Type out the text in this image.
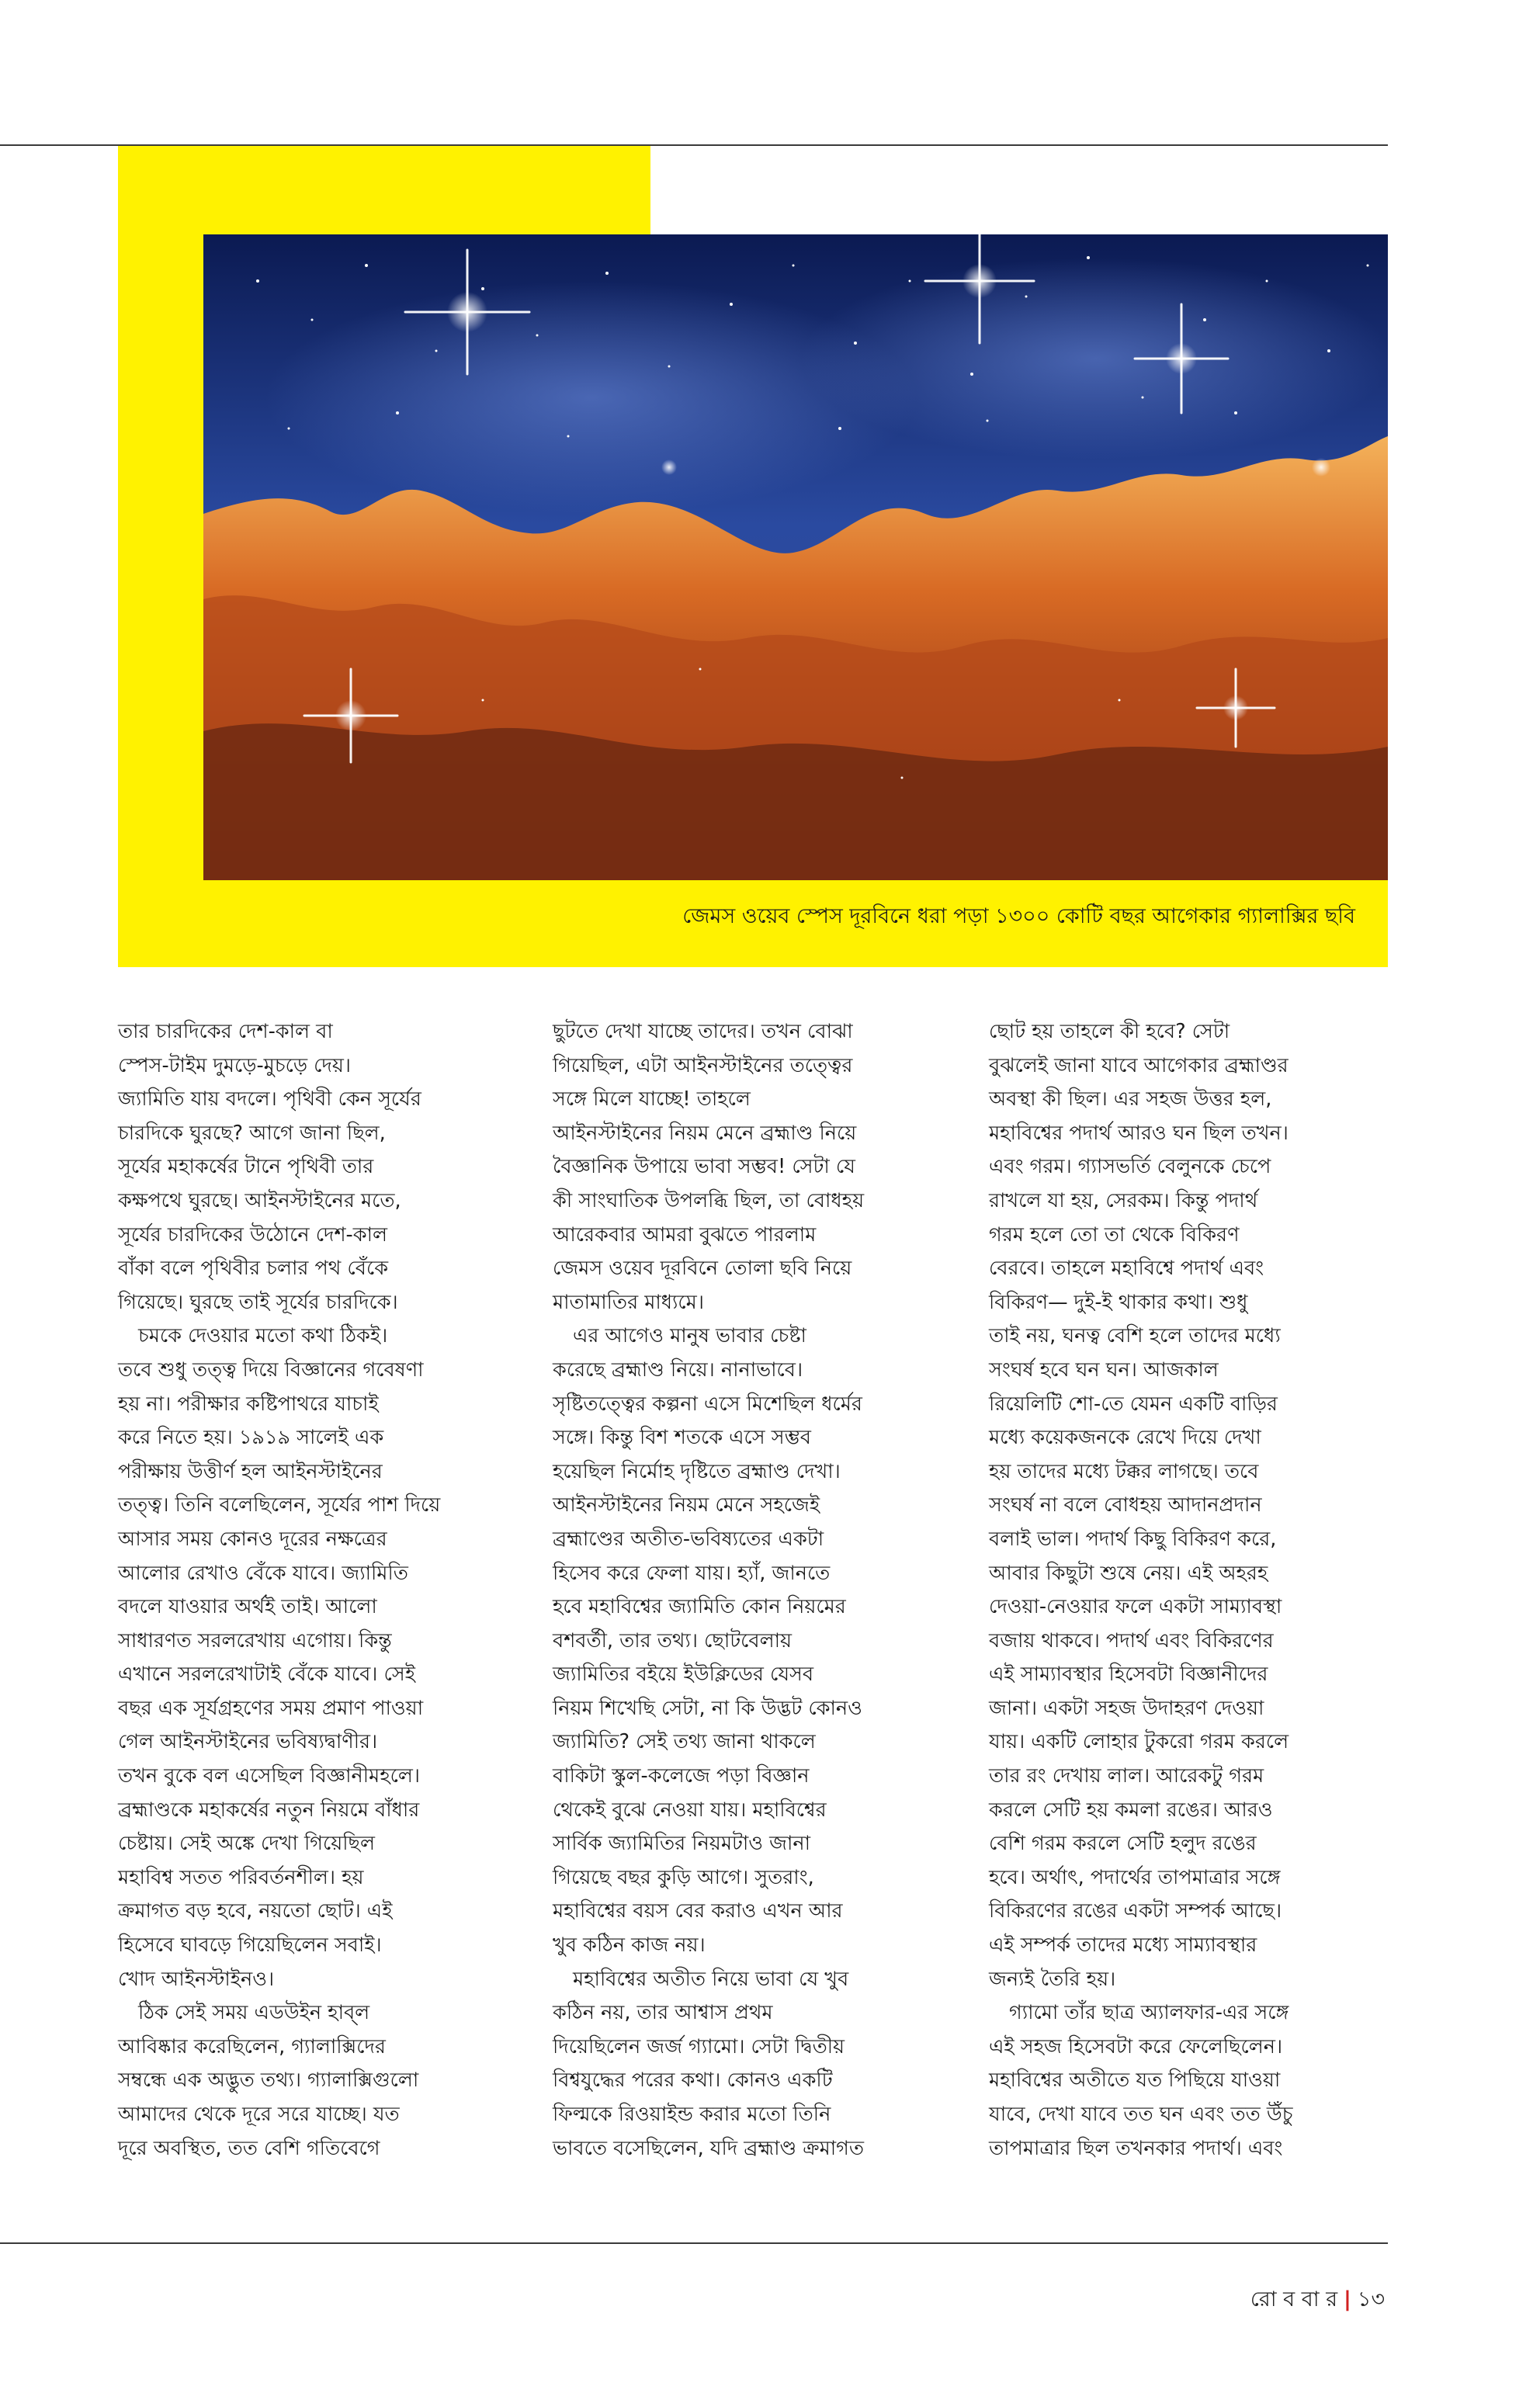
জেমস ওয়েব স্পেস দূরবিনে ধরা পড়া ১৩০০ কোটি বছর আগেকার গ্যালাক্সির ছবি
তার চারদিকের দেশ-কাল বা
স্পেস-টাইম দুমড়ে-মুচড়ে দেয়।
জ্যামিতি যায় বদলে। পৃথিবী কেন সূর্যের
চারদিকে ঘুরছে? আগে জানা ছিল,
সূর্যের মহাকর্ষের টানে পৃথিবী তার
কক্ষপথে ঘুরছে। আইনস্টাইনের মতে,
সূর্যের চারদিকের উঠোনে দেশ-কাল
বাঁকা বলে পৃথিবীর চলার পথ বেঁকে
গিয়েছে। ঘুরছে তাই সূর্যের চারদিকে।
চমকে দেওয়ার মতো কথা ঠিকই।
তবে শুধু তত্ত্ব দিয়ে বিজ্ঞানের গবেষণা
হয় না। পরীক্ষার কষ্টিপাথরে যাচাই
করে নিতে হয়। ১৯১৯ সালেই এক
পরীক্ষায় উত্তীর্ণ হল আইনস্টাইনের
তত্ত্ব। তিনি বলেছিলেন, সূর্যের পাশ দিয়ে
আসার সময় কোনও দূরের নক্ষত্রের
আলোর রেখাও বেঁকে যাবে। জ্যামিতি
বদলে যাওয়ার অর্থই তাই। আলো
সাধারণত সরলরেখায় এগোয়। কিন্তু
এখানে সরলরেখাটাই বেঁকে যাবে। সেই
বছর এক সূর্যগ্রহণের সময় প্রমাণ পাওয়া
গেল আইনস্টাইনের ভবিষ্যদ্বাণীর।
তখন বুকে বল এসেছিল বিজ্ঞানীমহলে।
ব্রহ্মাণ্ডকে মহাকর্ষের নতুন নিয়মে বাঁধার
চেষ্টায়। সেই অঙ্কে দেখা গিয়েছিল
মহাবিশ্ব সতত পরিবর্তনশীল। হয়
ক্রমাগত বড় হবে, নয়তো ছোট। এই
হিসেবে ঘাবড়ে গিয়েছিলেন সবাই।
খোদ আইনস্টাইনও।
ঠিক সেই সময় এডউইন হাব্‌ল
আবিষ্কার করেছিলেন, গ্যালাক্সিদের
সম্বন্ধে এক অদ্ভুত তথ্য। গ্যালাক্সিগুলো
আমাদের থেকে দূরে সরে যাচ্ছে। যত
দূরে অবস্থিত, তত বেশি গতিবেগে
ছুটতে দেখা যাচ্ছে তাদের। তখন বোঝা
গিয়েছিল, এটা আইনস্টাইনের তত্ত্বের
সঙ্গে মিলে যাচ্ছে! তাহলে
আইনস্টাইনের নিয়ম মেনে ব্রহ্মাণ্ড নিয়ে
বৈজ্ঞানিক উপায়ে ভাবা সম্ভব! সেটা যে
কী সাংঘাতিক উপলব্ধি ছিল, তা বোধহয়
আরেকবার আমরা বুঝতে পারলাম
জেমস ওয়েব দূরবিনে তোলা ছবি নিয়ে
মাতামাতির মাধ্যমে।
এর আগেও মানুষ ভাবার চেষ্টা
করেছে ব্রহ্মাণ্ড নিয়ে। নানাভাবে।
সৃষ্টিতত্ত্বের কল্পনা এসে মিশেছিল ধর্মের
সঙ্গে। কিন্তু বিশ শতকে এসে সম্ভব
হয়েছিল নির্মোহ দৃষ্টিতে ব্রহ্মাণ্ড দেখা।
আইনস্টাইনের নিয়ম মেনে সহজেই
ব্রহ্মাণ্ডের অতীত-ভবিষ্যতের একটা
হিসেব করে ফেলা যায়। হ্যাঁ, জানতে
হবে মহাবিশ্বের জ্যামিতি কোন নিয়মের
বশবর্তী, তার তথ্য। ছোটবেলায়
জ্যামিতির বইয়ে ইউক্লিডের যেসব
নিয়ম শিখেছি সেটা, না কি উদ্ভট কোনও
জ্যামিতি? সেই তথ্য জানা থাকলে
বাকিটা স্কুল-কলেজে পড়া বিজ্ঞান
থেকেই বুঝে নেওয়া যায়। মহাবিশ্বের
সার্বিক জ্যামিতির নিয়মটাও জানা
গিয়েছে বছর কুড়ি আগে। সুতরাং,
মহাবিশ্বের বয়স বের করাও এখন আর
খুব কঠিন কাজ নয়।
মহাবিশ্বের অতীত নিয়ে ভাবা যে খুব
কঠিন নয়, তার আশ্বাস প্রথম
দিয়েছিলেন জর্জ গ্যামো। সেটা দ্বিতীয়
বিশ্বযুদ্ধের পরের কথা। কোনও একটি
ফিল্মকে রিওয়াইন্ড করার মতো তিনি
ভাবতে বসেছিলেন, যদি ব্রহ্মাণ্ড ক্রমাগত
ছোট হয় তাহলে কী হবে? সেটা
বুঝলেই জানা যাবে আগেকার ব্রহ্মাণ্ডর
অবস্থা কী ছিল। এর সহজ উত্তর হল,
মহাবিশ্বের পদার্থ আরও ঘন ছিল তখন।
এবং গরম। গ্যাসভর্তি বেলুনকে চেপে
রাখলে যা হয়, সেরকম। কিন্তু পদার্থ
গরম হলে তো তা থেকে বিকিরণ
বেরবে। তাহলে মহাবিশ্বে পদার্থ এবং
বিকিরণ— দুই-ই থাকার কথা। শুধু
তাই নয়, ঘনত্ব বেশি হলে তাদের মধ্যে
সংঘর্ষ হবে ঘন ঘন। আজকাল
রিয়েলিটি শো-তে যেমন একটি বাড়ির
মধ্যে কয়েকজনকে রেখে দিয়ে দেখা
হয় তাদের মধ্যে টক্কর লাগছে। তবে
সংঘর্ষ না বলে বোধহয় আদানপ্রদান
বলাই ভাল। পদার্থ কিছু বিকিরণ করে,
আবার কিছুটা শুষে নেয়। এই অহরহ
দেওয়া-নেওয়ার ফলে একটা সাম্যাবস্থা
বজায় থাকবে। পদার্থ এবং বিকিরণের
এই সাম্যাবস্থার হিসেবটা বিজ্ঞানীদের
জানা। একটা সহজ উদাহরণ দেওয়া
যায়। একটি লোহার টুকরো গরম করলে
তার রং দেখায় লাল। আরেকটু গরম
করলে সেটি হয় কমলা রঙের। আরও
বেশি গরম করলে সেটি হলুদ রঙের
হবে। অর্থাৎ, পদার্থের তাপমাত্রার সঙ্গে
বিকিরণের রঙের একটা সম্পর্ক আছে।
এই সম্পর্ক তাদের মধ্যে সাম্যাবস্থার
জন্যই তৈরি হয়।
গ্যামো তাঁর ছাত্র অ্যালফার-এর সঙ্গে
এই সহজ হিসেবটা করে ফেলেছিলেন।
মহাবিশ্বের অতীতে যত পিছিয়ে যাওয়া
যাবে, দেখা যাবে তত ঘন এবং তত উঁচু
তাপমাত্রার ছিল তখনকার পদার্থ। এবং
রো ব বা র | ১৩
